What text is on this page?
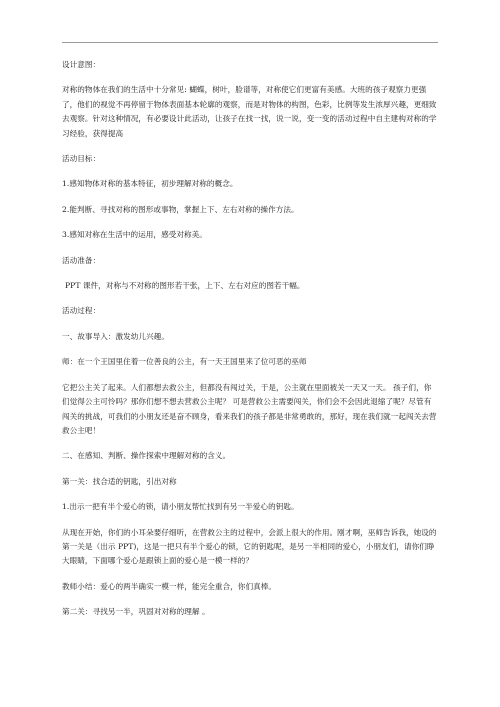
设计意图：

对称的物体在我们的生活中十分常见: 蝴蝶，树叶，脸谱等，对称使它们更富有美感。大班的孩子观察力更强了，他们的视觉不再停留于物体表面基本轮廓的观察，而是对物体的构图，色彩，比例等发生浓厚兴趣，更细致去观察。针对这种情况，有必要设计此活动，让孩子在找一找，说一说，变一变的活动过程中自主建构对称的学习经验，获得提高

活动目标：

1.感知物体对称的基本特征，初步理解对称的概念。

2.能判断、寻找对称的图形或事物，掌握上下、左右对称的操作方法。

3.感知对称在生活中的运用，感受对称美。

活动准备：

PPT 课件，对称与不对称的图形若干张，上下、左右对应的图若干幅。

活动过程：

一、故事导入：激发幼儿兴趣。

师：在一个王国里住着一位善良的公主，有一天王国里来了位可恶的巫师

它把公主关了起来。人们都想去救公主，但都没有闯过关，于是，公主就在里面被关一天又一天。 孩子们，你们觉得公主可怜吗？那你们想不想去营救公主呢？ 可是营救公主需要闯关，你们会不会因此退缩了呢？尽管有闯关的挑战，可我们的小朋友还是奋不顾身，看来我们的孩子都是非常勇敢的，那好，现在我们就一起闯关去营救公主吧！

二、在感知、判断、操作探索中理解对称的含义。

第一关：找合适的钥匙，引出对称

1.出示一把有半个爱心的锁，请小朋友帮忙找到有另一半爱心的钥匙。

从现在开始，你们的小耳朵要仔细听，在营救公主的过程中，会派上很大的作用。刚才啊，巫师告诉我，她设的第一关是（出示 PPT)，这是一把只有半个爱心的锁，它的钥匙呢，是另一半相同的爱心，小朋友们，请你们睁大眼睛，下面哪个爱心是跟锁上面的爱心是一模一样的？

教师小结：爱心的两半确实一模一样，能完全重合，你们真棒。

第二关：寻找另一半，巩固对对称的理解 。
